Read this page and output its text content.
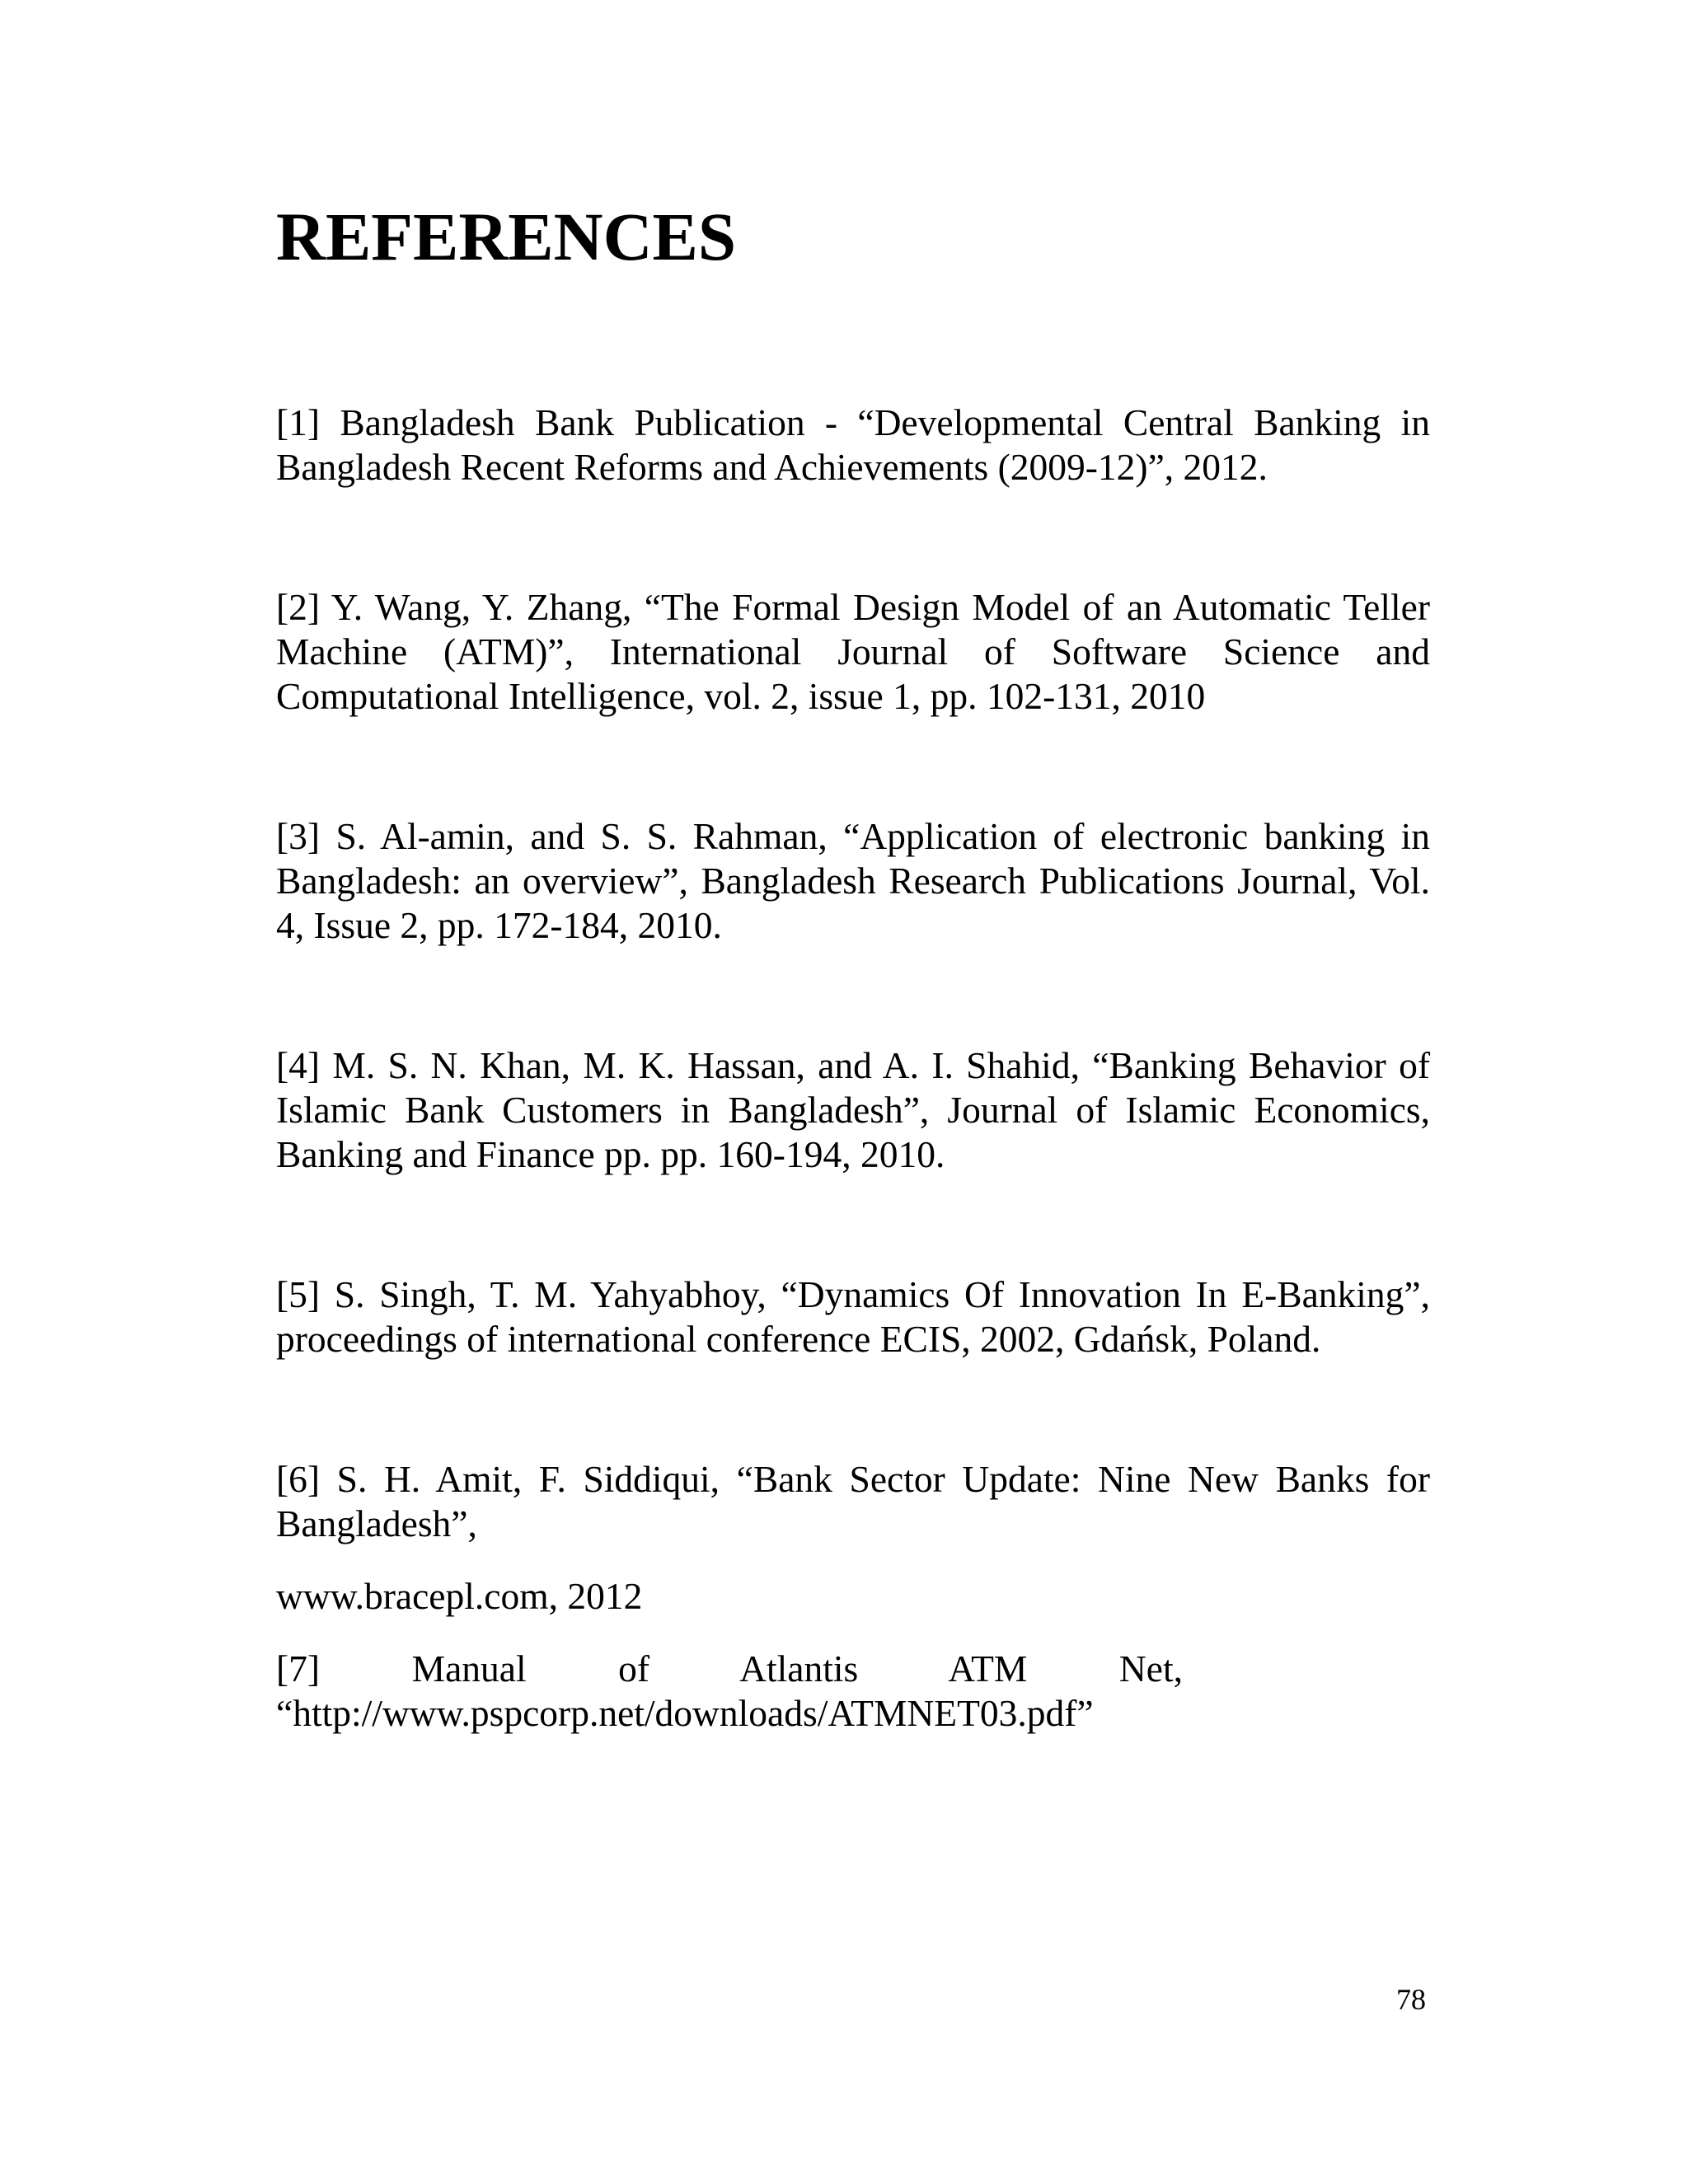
REFERENCES

[1] Bangladesh Bank Publication - “Developmental Central Banking in Bangladesh Recent Reforms and Achievements (2009-12)”, 2012.

[2] Y. Wang, Y. Zhang, “The Formal Design Model of an Automatic Teller Machine (ATM)”, International Journal of Software Science and Computational Intelligence, vol. 2, issue 1, pp. 102-131, 2010

[3] S. Al-amin, and S. S. Rahman, “Application of electronic banking in Bangladesh: an overview”, Bangladesh Research Publications Journal, Vol. 4, Issue 2, pp. 172-184, 2010.

[4] M. S. N. Khan, M. K. Hassan, and A. I. Shahid, “Banking Behavior of Islamic Bank Customers in Bangladesh”, Journal of Islamic Economics, Banking and Finance pp. pp. 160-194, 2010.

[5] S. Singh, T. M. Yahyabhoy, “Dynamics Of Innovation In E-Banking”, proceedings of international conference ECIS, 2002, Gdańsk, Poland.

[6] S. H. Amit, F. Siddiqui, “Bank Sector Update: Nine New Banks for Bangladesh”,

www.bracepl.com, 2012

[7] Manual of Atlantis ATM Net, “http://www.pspcorp.net/downloads/ATMNET03.pdf”

78
